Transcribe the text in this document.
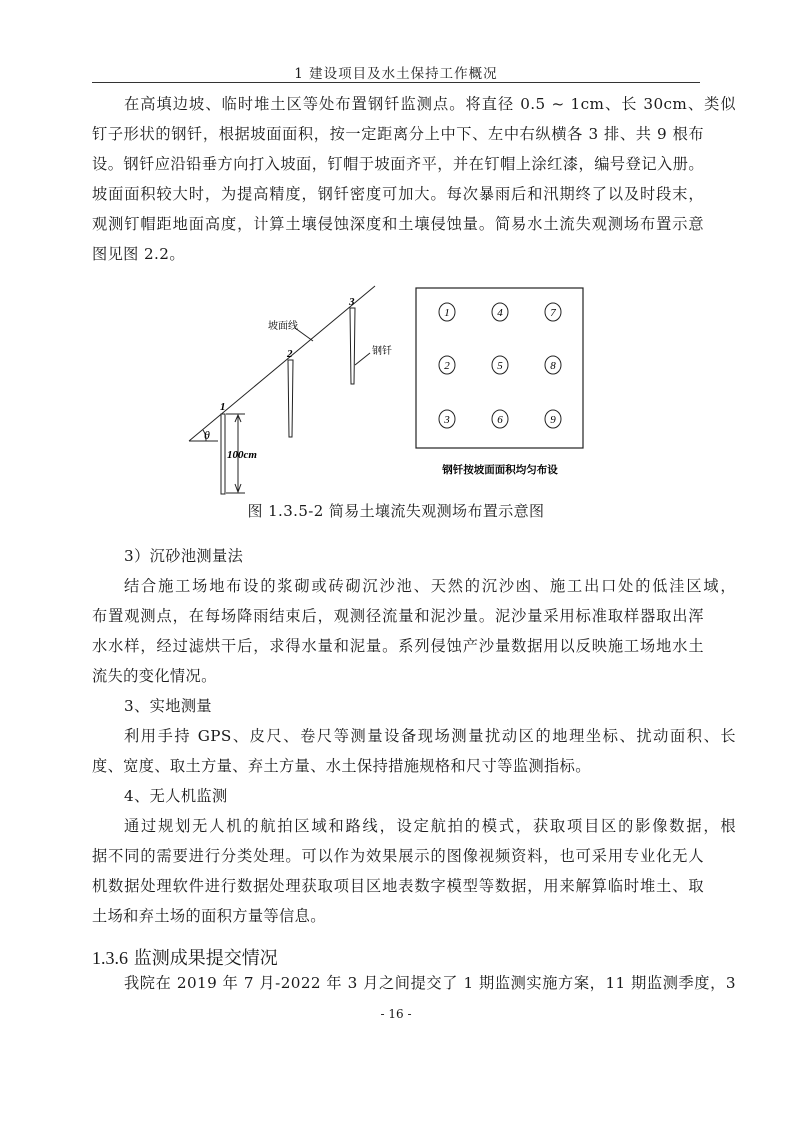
1 建设项目及水土保持工作概况
在高填边坡、临时堆土区等处布置钢钎监测点。将直径 0.5 ~ 1cm、长 30cm、类似
钉子形状的钢钎，根据坡面面积，按一定距离分上中下、左中右纵横各 3 排、共 9 根布
设。钢钎应沿铅垂方向打入坡面，钉帽于坡面齐平，并在钉帽上涂红漆，编号登记入册。
坡面面积较大时，为提高精度，钢钎密度可加大。每次暴雨后和汛期终了以及时段末，
观测钉帽距地面高度，计算土壤侵蚀深度和土壤侵蚀量。简易水土流失观测场布置示意
图见图 2.2。
θ
100cm
1
2
3
坡面线
钢钎
1	4	7
2	5	8
3	6	9
钢钎按坡面面积均匀布设
图 1.3.5-2 简易土壤流失观测场布置示意图
3）沉砂池测量法
结合施工场地布设的浆砌或砖砌沉沙池、天然的沉沙凼、施工出口处的低洼区域，
布置观测点，在每场降雨结束后，观测径流量和泥沙量。泥沙量采用标准取样器取出浑
水水样，经过滤烘干后，求得水量和泥量。系列侵蚀产沙量数据用以反映施工场地水土
流失的变化情况。
3、实地测量
利用手持 GPS、皮尺、卷尺等测量设备现场测量扰动区的地理坐标、扰动面积、长
度、宽度、取土方量、弃土方量、水土保持措施规格和尺寸等监测指标。
4、无人机监测
通过规划无人机的航拍区域和路线，设定航拍的模式，获取项目区的影像数据，根
据不同的需要进行分类处理。可以作为效果展示的图像视频资料，也可采用专业化无人
机数据处理软件进行数据处理获取项目区地表数字模型等数据，用来解算临时堆土、取
土场和弃土场的面积方量等信息。
1.3.6 监测成果提交情况
我院在 2019 年 7 月-2022 年 3 月之间提交了 1 期监测实施方案，11 期监测季度，3
- 16 -
